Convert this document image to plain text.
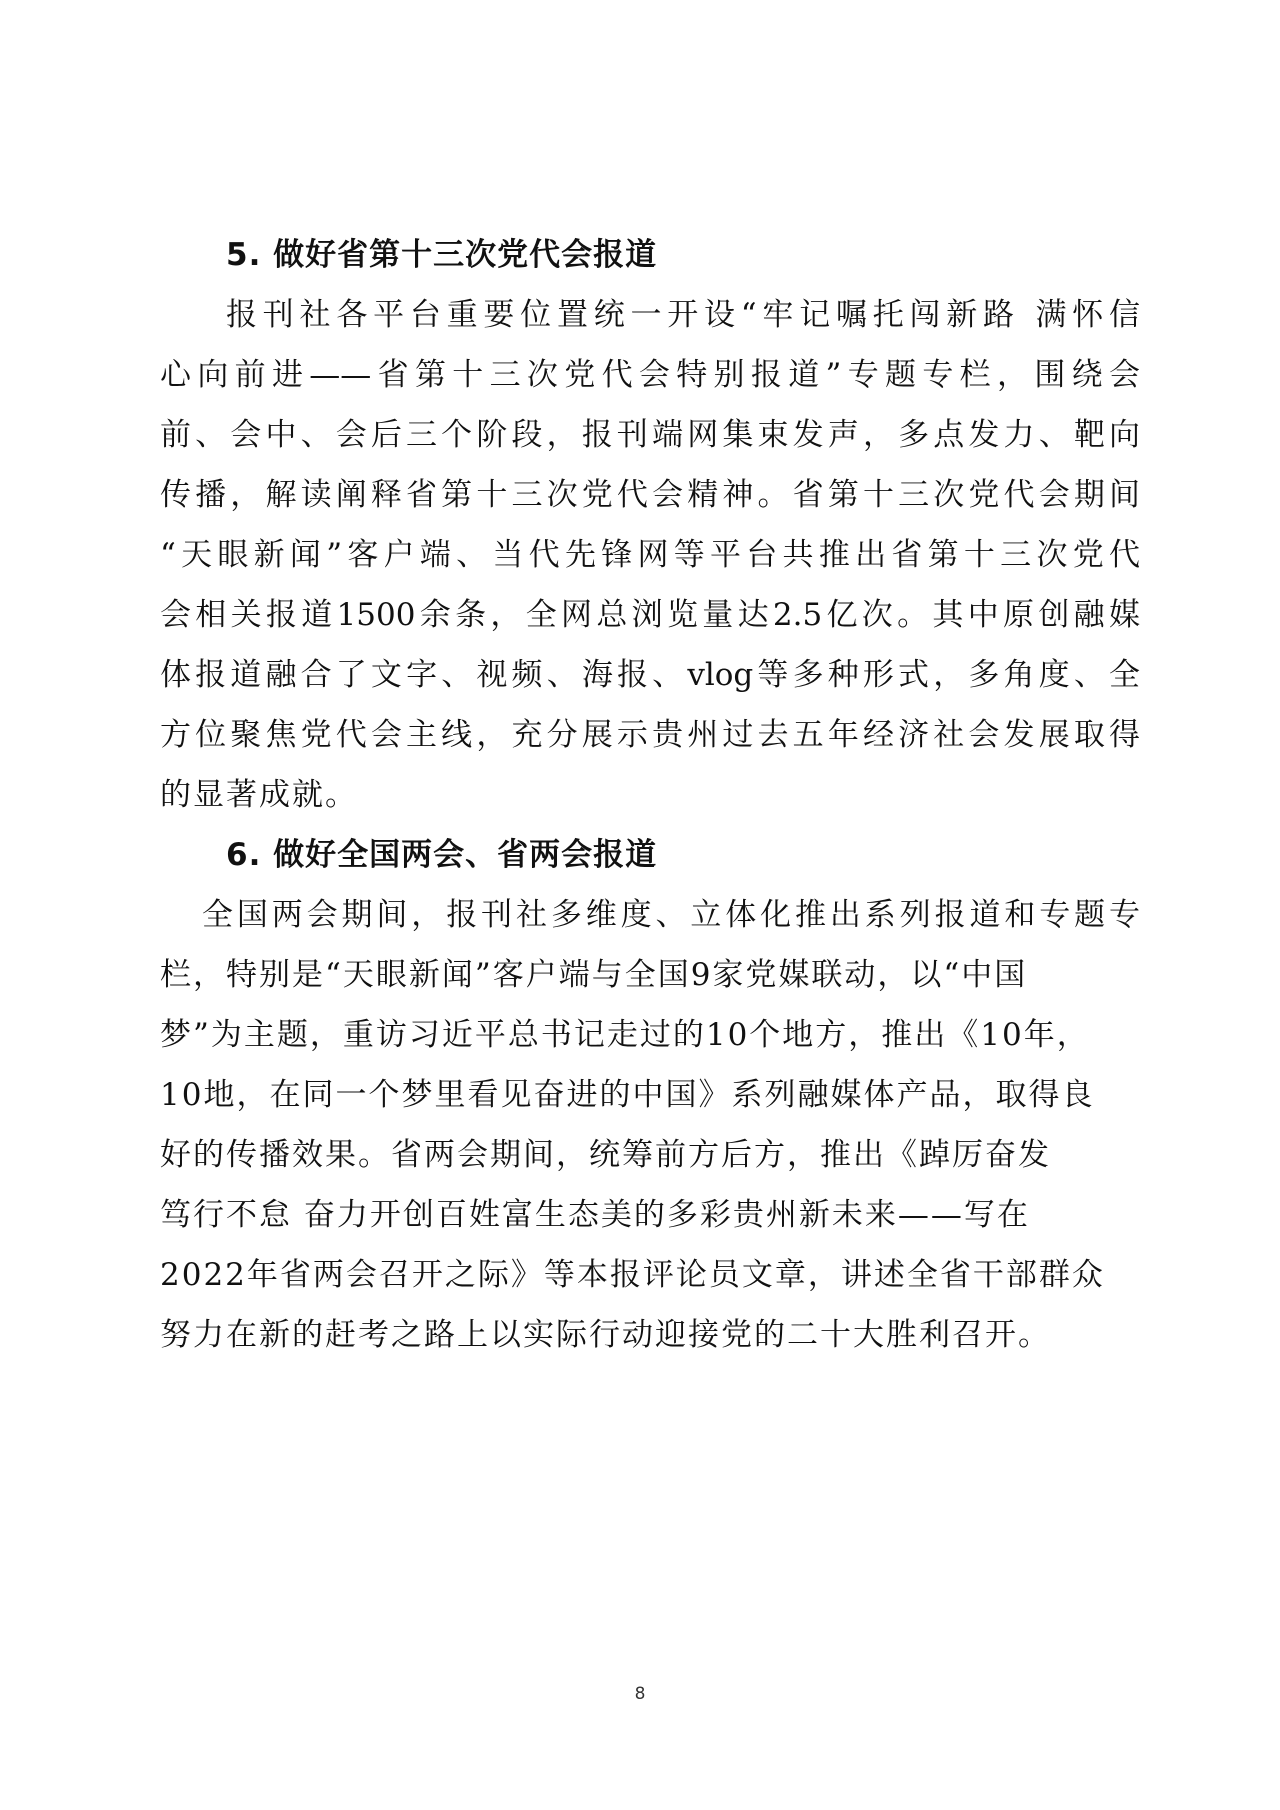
5. 做好省第十三次党代会报道
报刊社各平台重要位置统一开设“牢记嘱托闯新路 满怀信
心向前进——省第十三次党代会特别报道”专题专栏，围绕会
前、会中、会后三个阶段，报刊端网集束发声，多点发力、靶向
传播，解读阐释省第十三次党代会精神。省第十三次党代会期间
“天眼新闻”客户端、当代先锋网等平台共推出省第十三次党代
会相关报道1500余条，全网总浏览量达2.5亿次。其中原创融媒
体报道融合了文字、视频、海报、vlog等多种形式，多角度、全
方位聚焦党代会主线，充分展示贵州过去五年经济社会发展取得
的显著成就。
6. 做好全国两会、省两会报道
全国两会期间，报刊社多维度、立体化推出系列报道和专题专
栏，特别是“天眼新闻”客户端与全国9家党媒联动，以“中国
梦”为主题，重访习近平总书记走过的10个地方，推出《10年，
10地，在同一个梦里看见奋进的中国》系列融媒体产品，取得良
好的传播效果。省两会期间，统筹前方后方，推出《踔厉奋发
笃行不怠 奋力开创百姓富生态美的多彩贵州新未来——写在
2022年省两会召开之际》等本报评论员文章，讲述全省干部群众
努力在新的赶考之路上以实际行动迎接党的二十大胜利召开。
8
